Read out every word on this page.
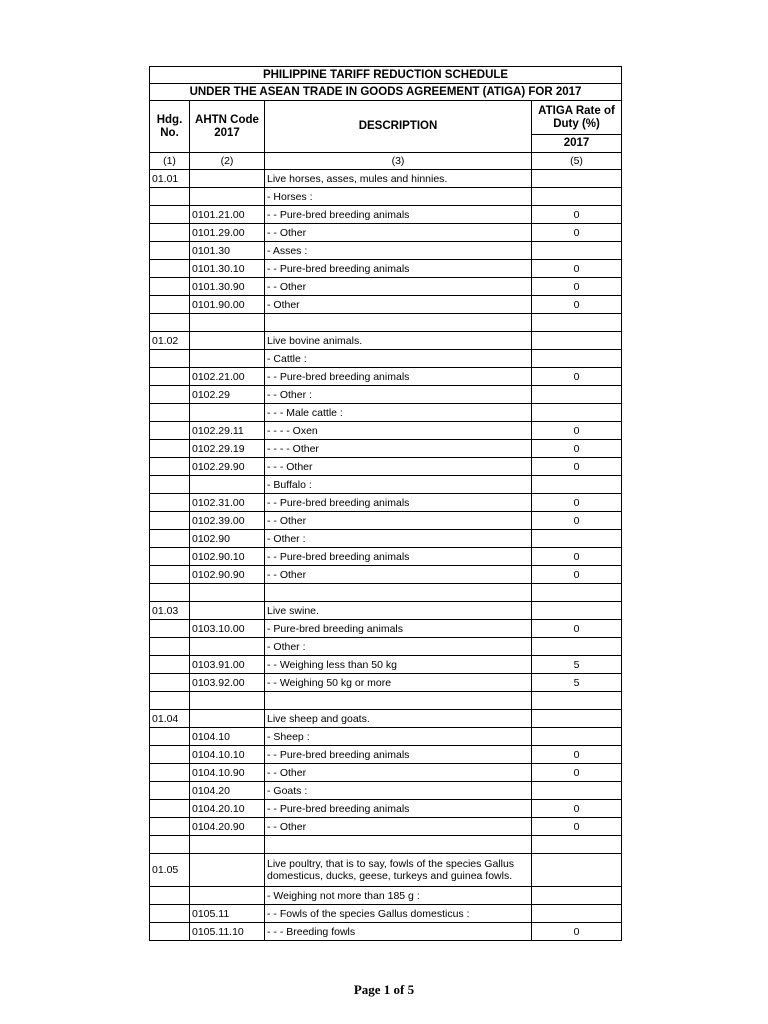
PHILIPPINE TARIFF REDUCTION SCHEDULE			
UNDER THE ASEAN TRADE IN GOODS AGREEMENT (ATIGA) FOR 2017			
Hdg. No.	AHTN Code 2017	DESCRIPTION	ATIGA Rate of Duty (%)
			2017
(1)	(2)	(3)	(5)
01.01		Live horses, asses, mules and hinnies.	
		- Horses :	
	0101.21.00	- - Pure-bred breeding animals	0
	0101.29.00	- - Other	0
	0101.30	- Asses :	
	0101.30.10	- - Pure-bred breeding animals	0
	0101.30.90	- - Other	0
	0101.90.00	- Other	0

01.02		Live bovine animals.	
		- Cattle :	
	0102.21.00	- - Pure-bred breeding animals	0
	0102.29	- - Other :	
		- - - Male cattle :	
	0102.29.11	- - - - Oxen	0
	0102.29.19	- - - - Other	0
	0102.29.90	- - - Other	0
		- Buffalo :	
	0102.31.00	- - Pure-bred breeding animals	0
	0102.39.00	- - Other	0
	0102.90	- Other :	
	0102.90.10	- - Pure-bred breeding animals	0
	0102.90.90	- - Other	0

01.03		Live swine.	
	0103.10.00	- Pure-bred breeding animals	0
		- Other :	
	0103.91.00	- - Weighing less than 50 kg	5
	0103.92.00	- - Weighing 50 kg or more	5

01.04		Live sheep and goats.	
	0104.10	- Sheep :	
	0104.10.10	- - Pure-bred breeding animals	0
	0104.10.90	- - Other	0
	0104.20	- Goats :	
	0104.20.10	- - Pure-bred breeding animals	0
	0104.20.90	- - Other	0

01.05		Live poultry, that is to say, fowls of the species Gallus domesticus, ducks, geese, turkeys and guinea fowls.	
		- Weighing not more than 185 g :	
	0105.11	- - Fowls of the species Gallus domesticus :	
	0105.11.10	- - - Breeding fowls	0
Page 1 of 5
